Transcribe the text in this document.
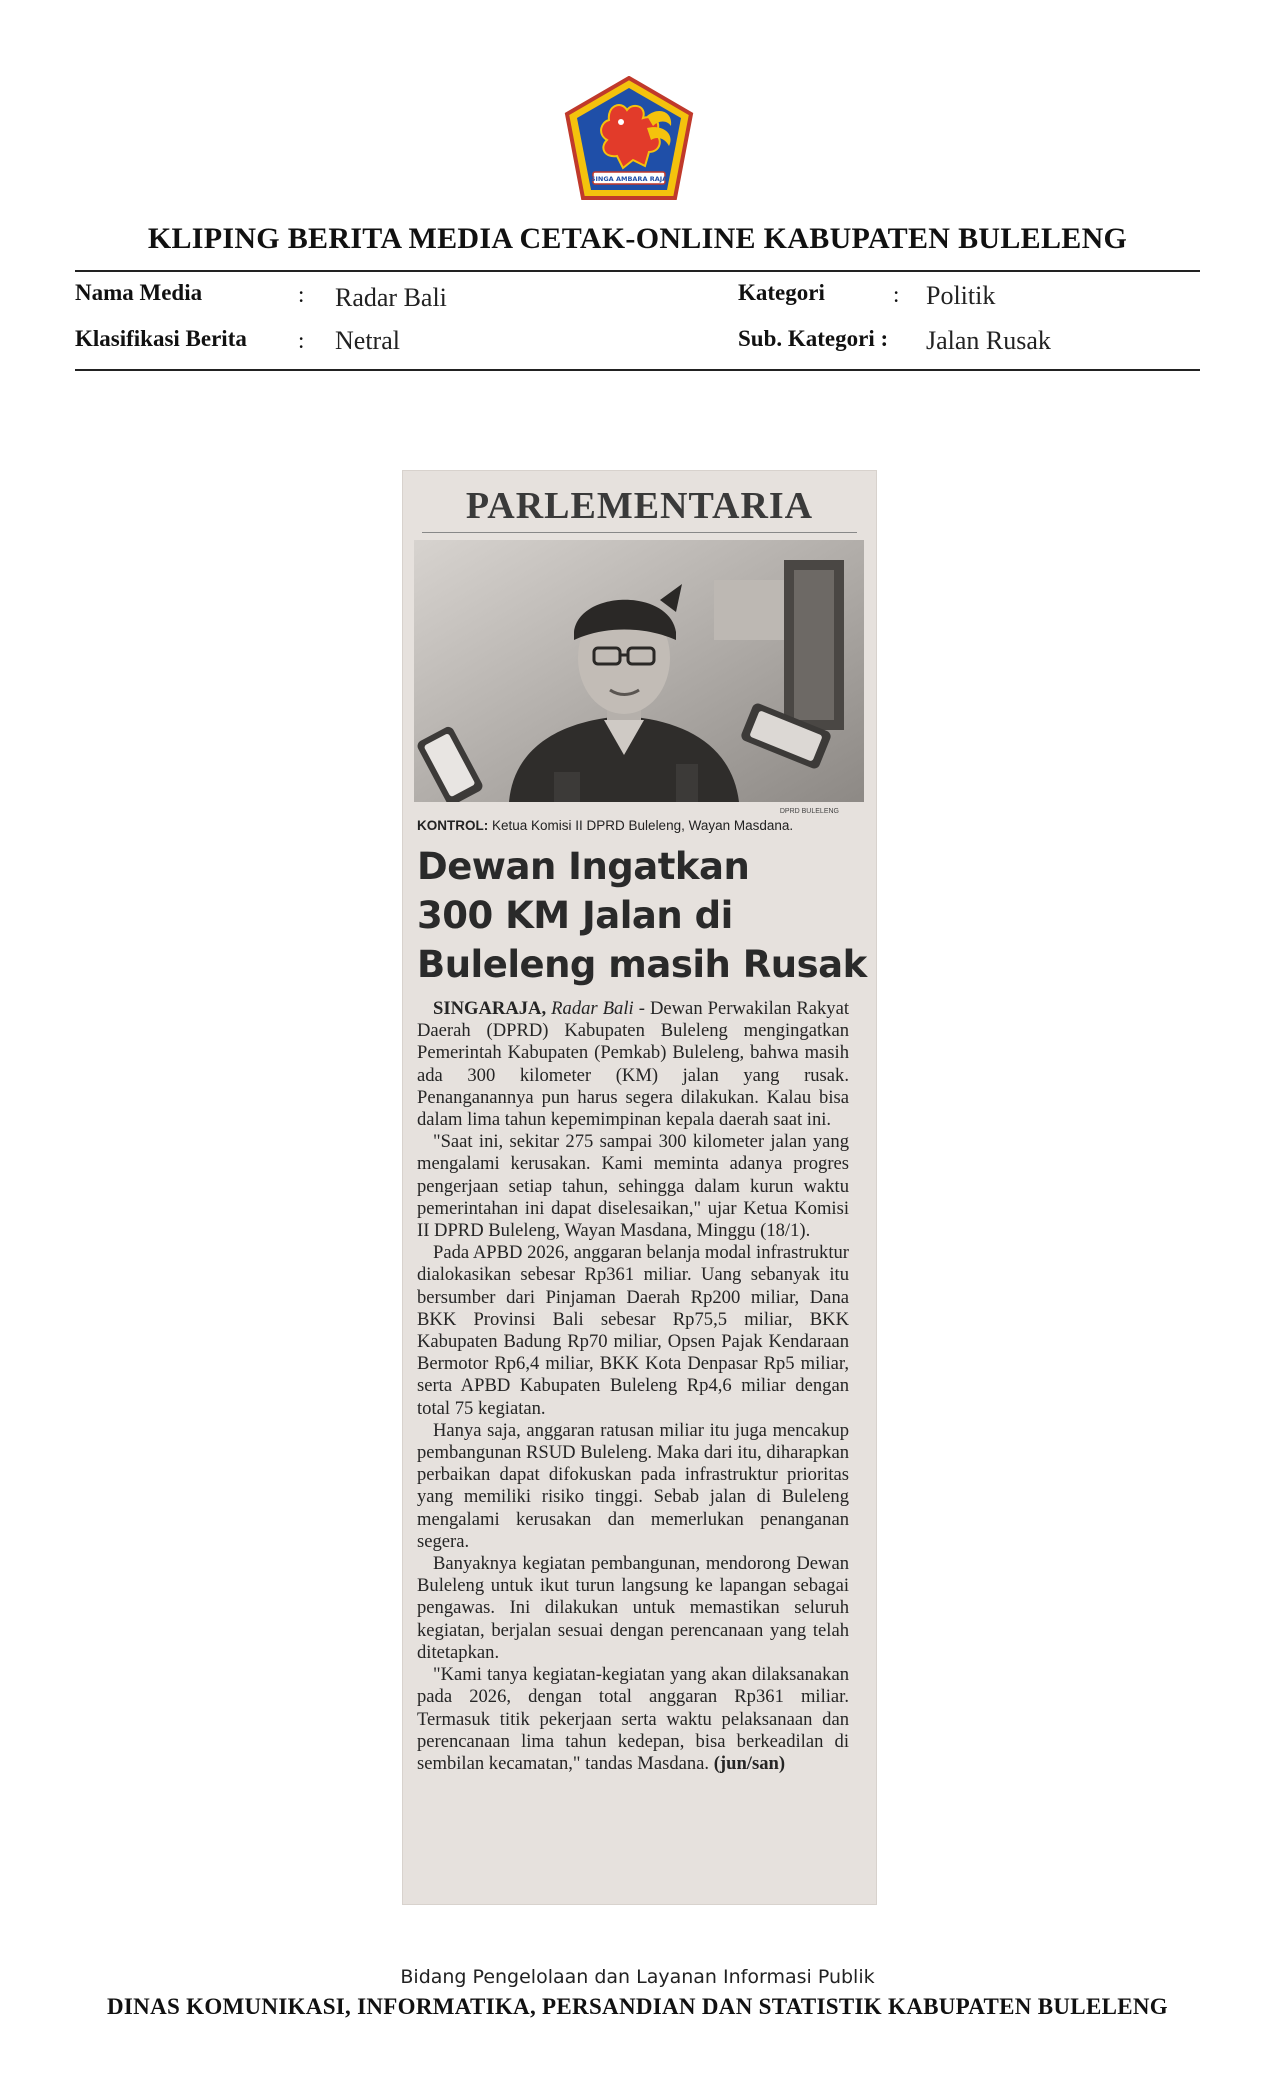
SINGA AMBARA RAJA
KLIPING BERITA MEDIA CETAK-ONLINE KABUPATEN BULELENG
Nama Media	: Radar Bali	Kategori	: Politik
Klasifikasi Berita : Netral	Sub. Kategori : Jalan Rusak
PARLEMENTARIA
DPRD BULELENG
KONTROL: Ketua Komisi II DPRD Buleleng, Wayan Masdana.
Dewan Ingatkan
300 KM Jalan di
Buleleng masih Rusak

SINGARAJA, Radar Bali - Dewan Perwakilan Rakyat Daerah (DPRD) Kabupaten Buleleng mengingatkan Pemerintah Kabupaten (Pemkab) Buleleng, bahwa masih ada 300 kilometer (KM) jalan yang rusak. Penanganannya pun harus segera dilakukan. Kalau bisa dalam lima tahun kepemimpinan kepala daerah saat ini.

"Saat ini, sekitar 275 sampai 300 kilometer jalan yang mengalami kerusakan. Kami meminta adanya progres pengerjaan setiap tahun, sehingga dalam kurun waktu pemerintahan ini dapat diselesaikan," ujar Ketua Komisi II DPRD Buleleng, Wayan Masdana, Minggu (18/1).

Pada APBD 2026, anggaran belanja modal infrastruktur dialokasikan sebesar Rp361 miliar. Uang sebanyak itu bersumber dari Pinjaman Daerah Rp200 miliar, Dana BKK Provinsi Bali sebesar Rp75,5 miliar, BKK Kabupaten Badung Rp70 miliar, Opsen Pajak Kendaraan Bermotor Rp6,4 miliar, BKK Kota Denpasar Rp5 miliar, serta APBD Kabupaten Buleleng Rp4,6 miliar dengan total 75 kegiatan.

Hanya saja, anggaran ratusan miliar itu juga mencakup pembangunan RSUD Buleleng. Maka dari itu, diharapkan perbaikan dapat difokuskan pada infrastruktur prioritas yang memiliki risiko tinggi. Sebab jalan di Buleleng mengalami kerusakan dan memerlukan penanganan segera.

Banyaknya kegiatan pembangunan, mendorong Dewan Buleleng untuk ikut turun langsung ke lapangan sebagai pengawas. Ini dilakukan untuk memastikan seluruh kegiatan, berjalan sesuai dengan perencanaan yang telah ditetapkan.

"Kami tanya kegiatan-kegiatan yang akan dilaksanakan pada 2026, dengan total anggaran Rp361 miliar. Termasuk titik pekerjaan serta waktu pelaksanaan dan perencanaan lima tahun kedepan, bisa berkeadilan di sembilan kecamatan," tandas Masdana. (jun/san)

Bidang Pengelolaan dan Layanan Informasi Publik
DINAS KOMUNIKASI, INFORMATIKA, PERSANDIAN DAN STATISTIK KABUPATEN BULELENG
